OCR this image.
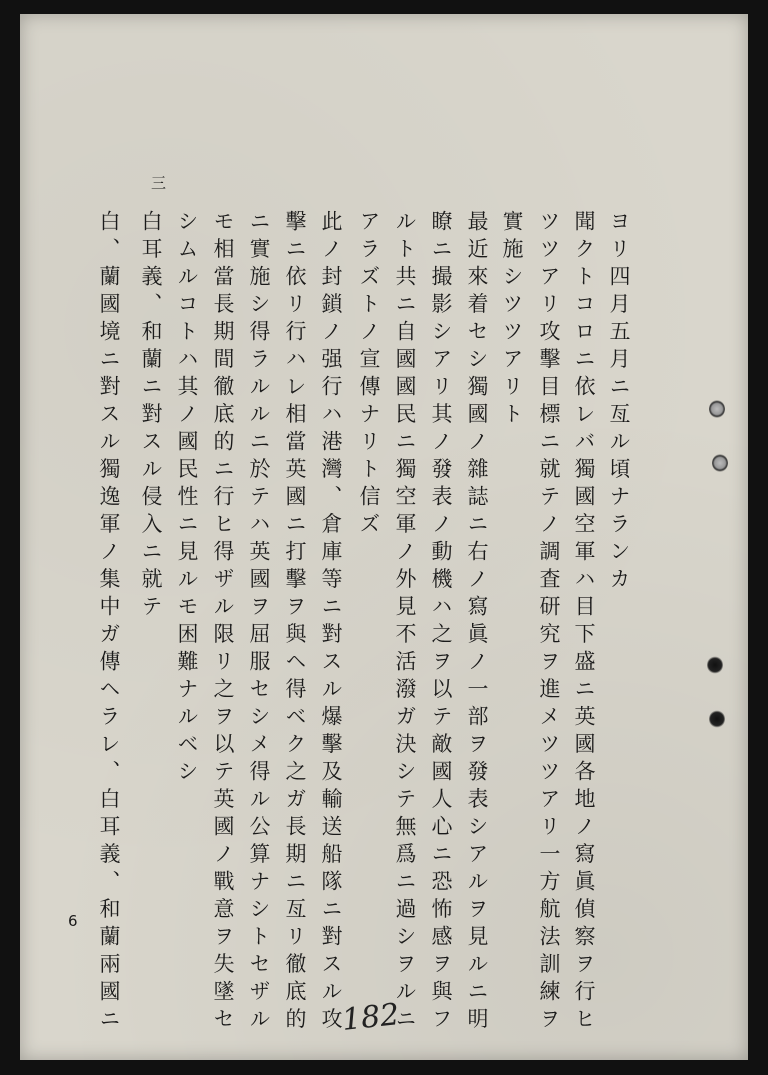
ヨリ四月五月ニ亙ル頃ナランカ
聞クトコロニ依レバ獨國空軍ハ目下盛ニ英國各地ノ寫眞偵察ヲ行ヒ
ツツアリ攻擊目標ニ就テノ調査研究ヲ進メツツアリ一方航法訓練ヲ
實施シツツアリト
最近來着セシ獨國ノ雜誌ニ右ノ寫眞ノ一部ヲ發表シアルヲ見ルニ明
瞭ニ撮影シアリ其ノ發表ノ動機ハ之ヲ以テ敵國人心ニ恐怖感ヲ與フ
ルト共ニ自國國民ニ獨空軍ノ外見不活潑ガ決シテ無爲ニ過シヲルニ
アラズトノ宣傳ナリト信ズ
此ノ封鎖ノ强行ハ港灣、倉庫等ニ對スル爆擊及輸送船隊ニ對スル攻
擊ニ依リ行ハレ相當英國ニ打擊ヲ與ヘ得ベク之ガ長期ニ亙リ徹底的
ニ實施シ得ラルルニ於テハ英國ヲ屈服セシメ得ル公算ナシトセザル
モ相當長期間徹底的ニ行ヒ得ザル限リ之ヲ以テ英國ノ戰意ヲ失墜セ
シムルコトハ其ノ國民性ニ見ルモ困難ナルベシ
白耳義、和蘭ニ對スル侵入ニ就テ
白、蘭國境ニ對スル獨逸軍ノ集中ガ傳ヘラレ、白耳義、和蘭兩國ニ
三
6
182
